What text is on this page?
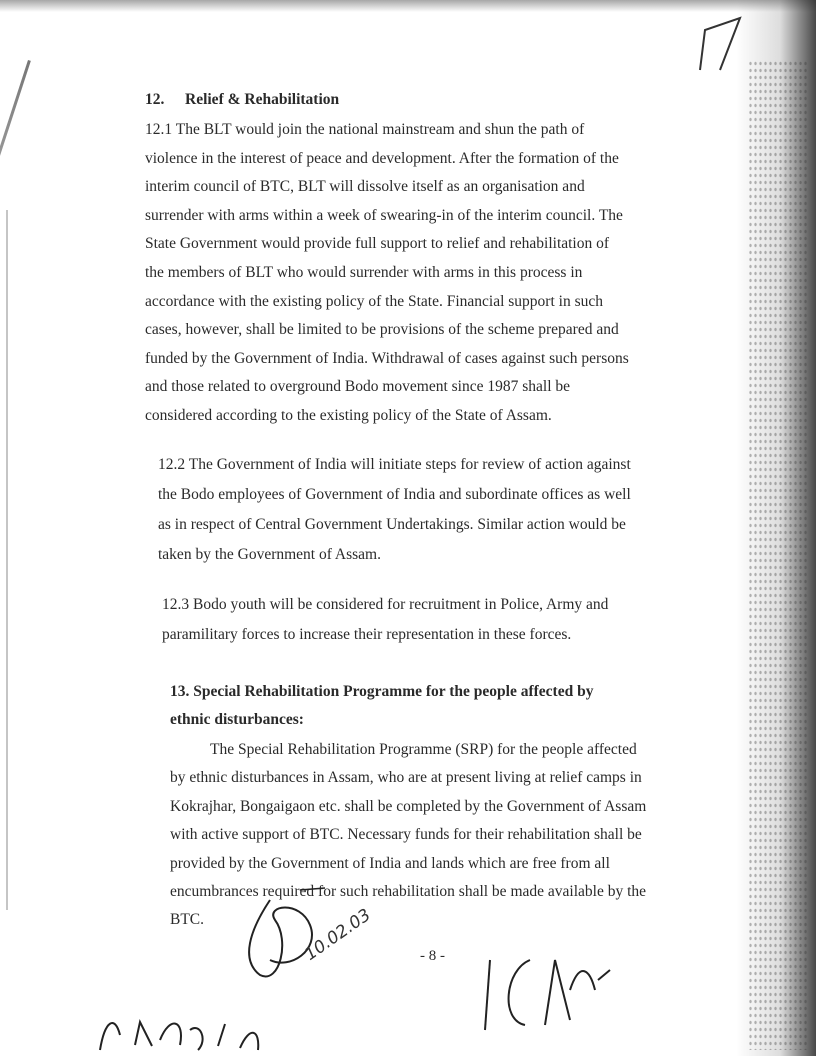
12.	Relief & Rehabilitation
12.1 The BLT would join the national mainstream and shun the path of
violence in the interest of peace and development. After the formation of the
interim council of BTC, BLT will dissolve itself as an organisation and
surrender with arms within a week of swearing-in of the interim council. The
State Government would provide full support to relief and rehabilitation of
the members of BLT who would surrender with arms in this process in
accordance with the existing policy of the State. Financial support in such
cases, however, shall be limited to be provisions of the scheme prepared and
funded by the Government of India. Withdrawal of cases against such persons
and those related to overground Bodo movement since 1987 shall be
considered according to the existing policy of the State of Assam.
12.2 The Government of India will initiate steps for review of action against
the Bodo employees of Government of India and subordinate offices as well
as in respect of Central Government Undertakings. Similar action would be
taken by the Government of Assam.
12.3 Bodo youth will be considered for recruitment in Police, Army and
paramilitary forces to increase their representation in these forces.
13. Special Rehabilitation Programme for the people affected by
ethnic disturbances:
The Special Rehabilitation Programme (SRP) for the people affected
by ethnic disturbances in Assam, who are at present living at relief camps in
Kokrajhar, Bongaigaon etc. shall be completed by the Government of Assam
with active support of BTC. Necessary funds for their rehabilitation shall be
provided by the Government of India and lands which are free from all
encumbrances required for such rehabilitation shall be made available by the
BTC.
- 8 -
10.02.03
